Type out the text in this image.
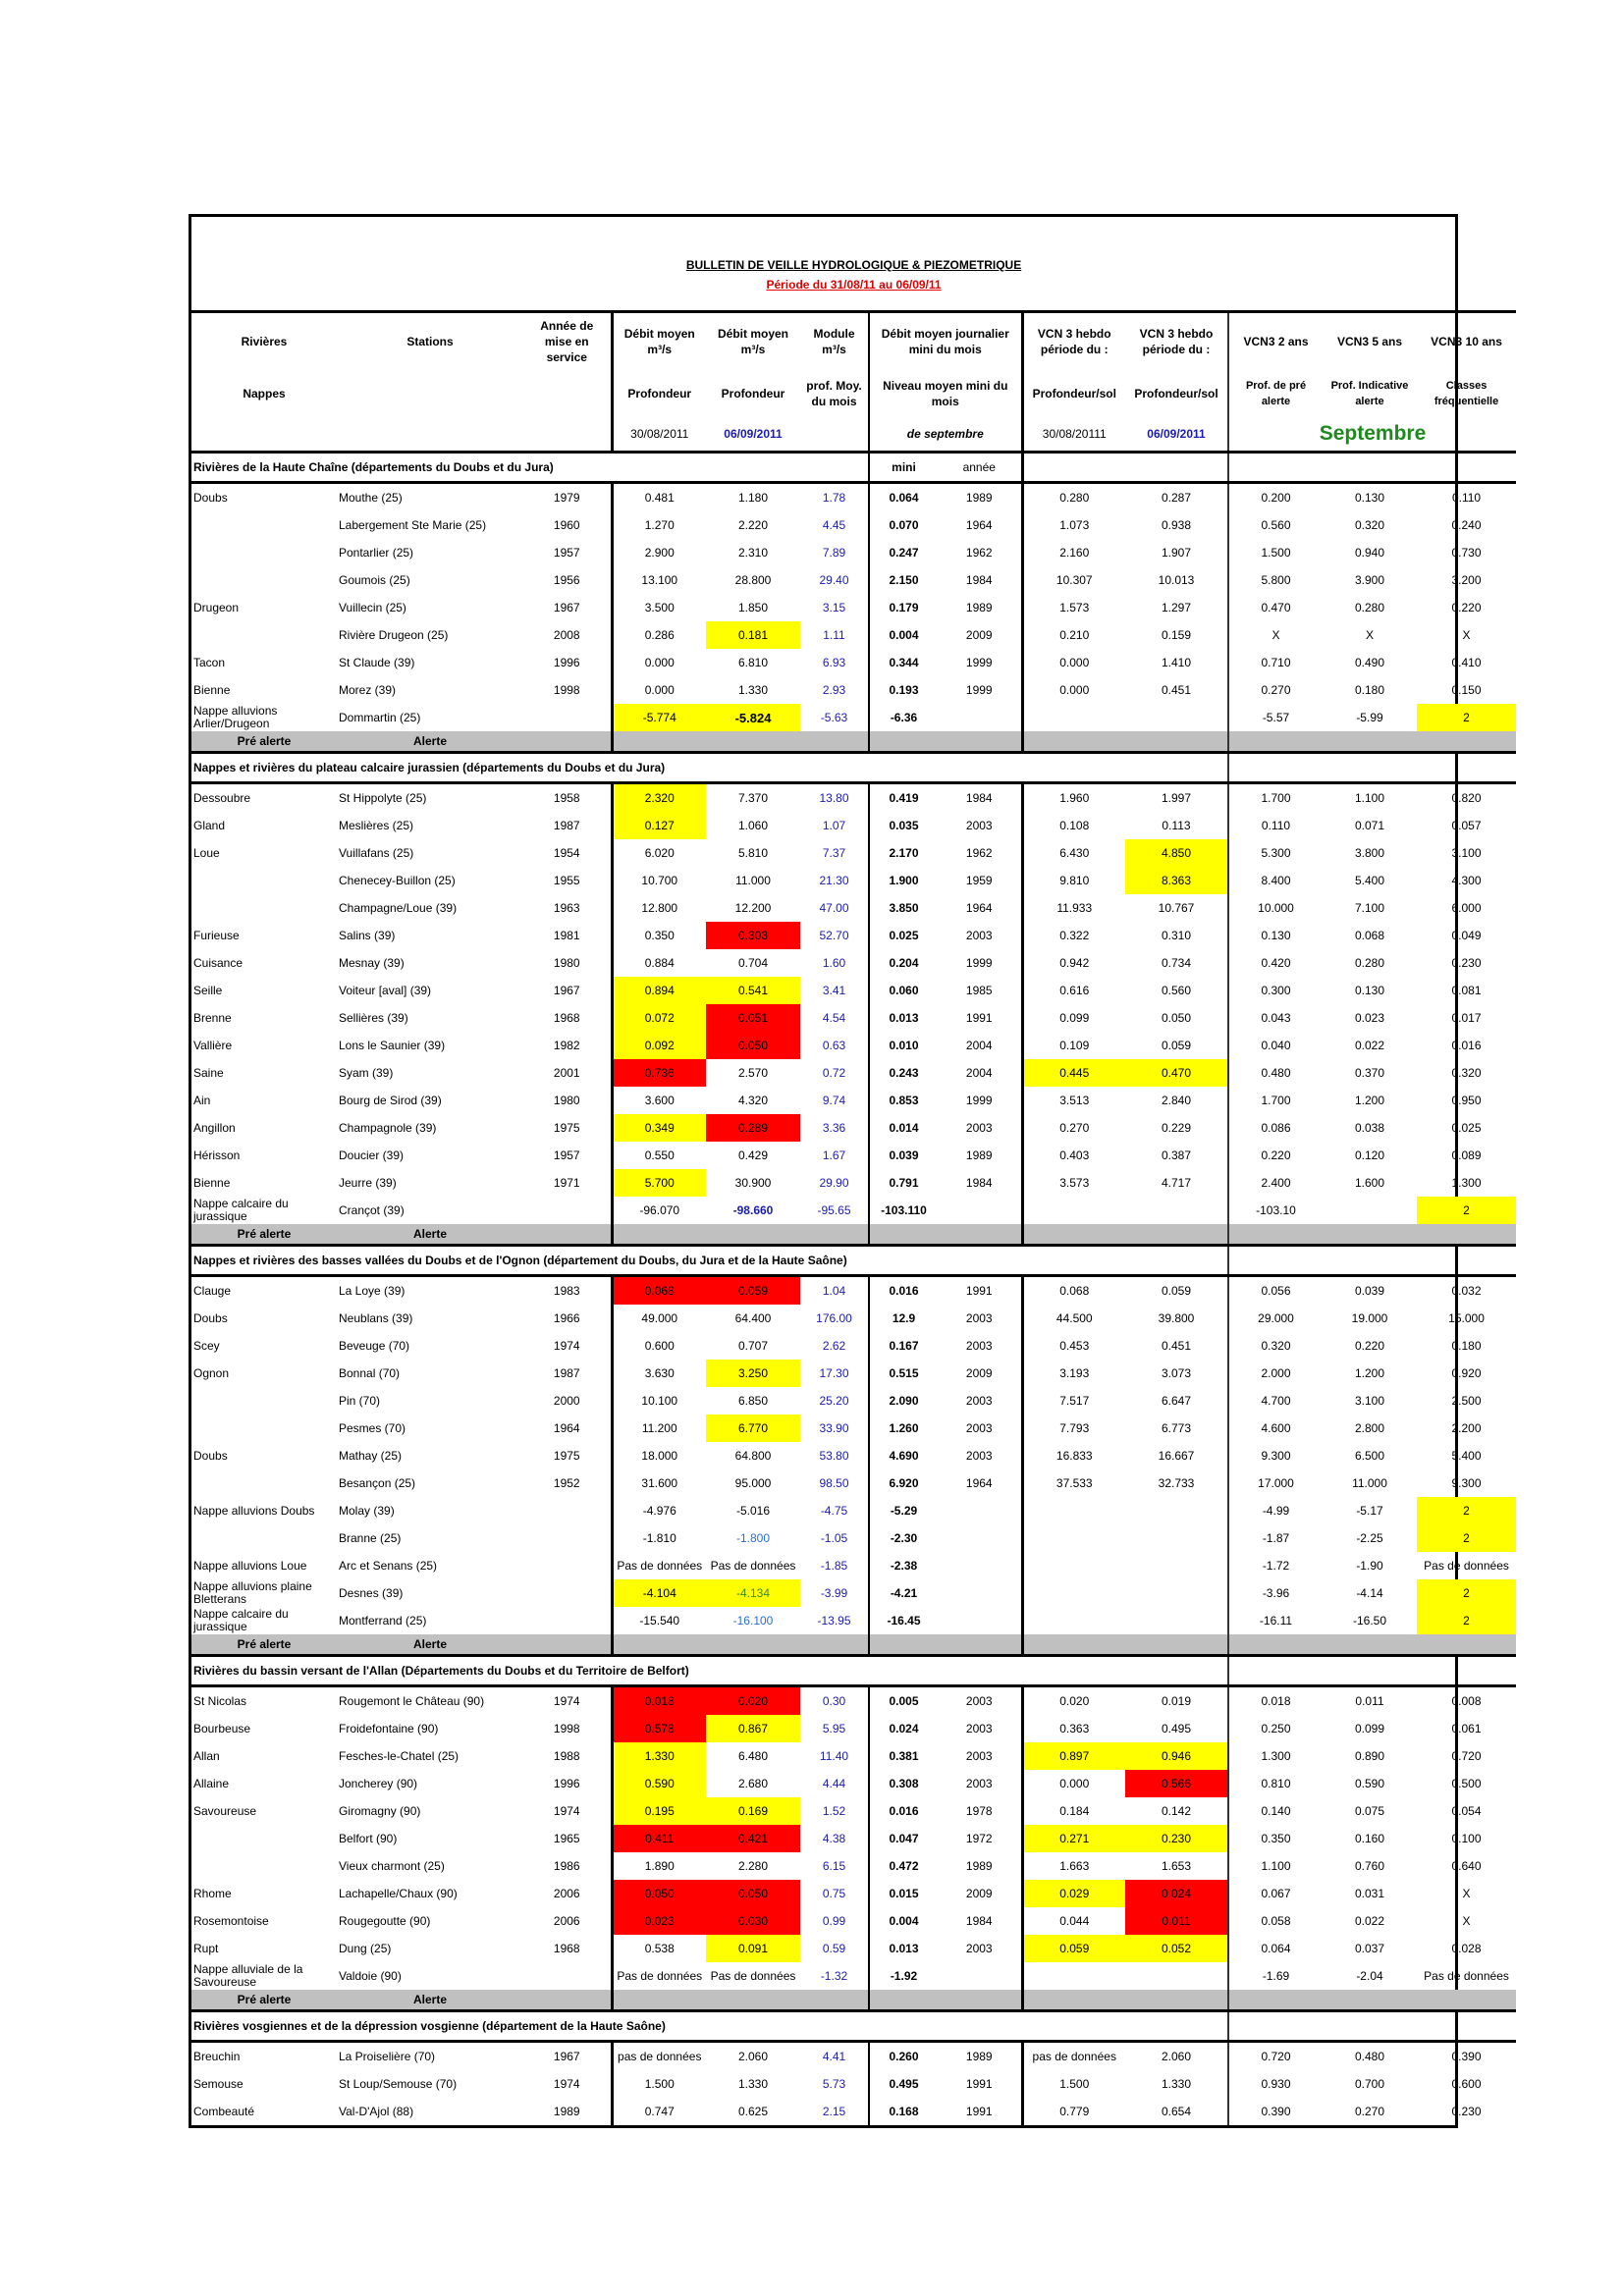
BULLETIN DE VEILLE HYDROLOGIQUE & PIEZOMETRIQUE
Période du 31/08/11 au 06/09/11												

Rivières	Stations	Année de mise en service	Débit moyen m³/s	Débit moyen m³/s	Module m³/s	Débit moyen journalier mini du mois		VCN 3 hebdo période du :	VCN 3 hebdo période du :	VCN3 2 ans	VCN3 5 ans	VCN3 10 ans
Nappes			Profondeur	Profondeur	prof. Moy. du mois	Niveau moyen mini du mois		Profondeur/sol	Profondeur/sol	Prof. de pré alerte	Prof. Indicative alerte	Classes fréquentielle
			30/08/2011	06/09/2011		de septembre		30/08/20111	06/09/2011	Septembre		
Rivières de la Haute Chaîne (départements du Doubs et du Jura)						mini	année					
Doubs	Mouthe (25)	1979	0.481	1.180	1.78	0.064	1989	0.280	0.287	0.200	0.130	0.110
	Labergement Ste Marie (25)	1960	1.270	2.220	4.45	0.070	1964	1.073	0.938	0.560	0.320	0.240
	Pontarlier (25)	1957	2.900	2.310	7.89	0.247	1962	2.160	1.907	1.500	0.940	0.730
	Goumois (25)	1956	13.100	28.800	29.40	2.150	1984	10.307	10.013	5.800	3.900	3.200
Drugeon	Vuillecin (25)	1967	3.500	1.850	3.15	0.179	1989	1.573	1.297	0.470	0.280	0.220
	Rivière Drugeon (25)	2008	0.286	0.181	1.11	0.004	2009	0.210	0.159	X	X	X
Tacon	St Claude (39)	1996	0.000	6.810	6.93	0.344	1999	0.000	1.410	0.710	0.490	0.410
Bienne	Morez (39)	1998	0.000	1.330	2.93	0.193	1999	0.000	0.451	0.270	0.180	0.150
Nappe alluvions Arlier/Drugeon	Dommartin (25)		-5.774	-5.824	-5.63	-6.36				-5.57	-5.99	2
Pré alerte	Alerte											
Nappes et rivières du plateau calcaire jurassien (départements du Doubs et du Jura)												
Dessoubre	St Hippolyte (25)	1958	2.320	7.370	13.80	0.419	1984	1.960	1.997	1.700	1.100	0.820
Gland	Meslières (25)	1987	0.127	1.060	1.07	0.035	2003	0.108	0.113	0.110	0.071	0.057
Loue	Vuillafans (25)	1954	6.020	5.810	7.37	2.170	1962	6.430	4.850	5.300	3.800	3.100
	Chenecey-Buillon (25)	1955	10.700	11.000	21.30	1.900	1959	9.810	8.363	8.400	5.400	4.300
	Champagne/Loue (39)	1963	12.800	12.200	47.00	3.850	1964	11.933	10.767	10.000	7.100	6.000
Furieuse	Salins (39)	1981	0.350	0.303	52.70	0.025	2003	0.322	0.310	0.130	0.068	0.049
Cuisance	Mesnay (39)	1980	0.884	0.704	1.60	0.204	1999	0.942	0.734	0.420	0.280	0.230
Seille	Voiteur [aval] (39)	1967	0.894	0.541	3.41	0.060	1985	0.616	0.560	0.300	0.130	0.081
Brenne	Sellières (39)	1968	0.072	0.051	4.54	0.013	1991	0.099	0.050	0.043	0.023	0.017
Vallière	Lons le Saunier (39)	1982	0.092	0.050	0.63	0.010	2004	0.109	0.059	0.040	0.022	0.016
Saine	Syam (39)	2001	0.736	2.570	0.72	0.243	2004	0.445	0.470	0.480	0.370	0.320
Ain	Bourg de Sirod (39)	1980	3.600	4.320	9.74	0.853	1999	3.513	2.840	1.700	1.200	0.950
Angillon	Champagnole (39)	1975	0.349	0.289	3.36	0.014	2003	0.270	0.229	0.086	0.038	0.025
Hérisson	Doucier (39)	1957	0.550	0.429	1.67	0.039	1989	0.403	0.387	0.220	0.120	0.089
Bienne	Jeurre (39)	1971	5.700	30.900	29.90	0.791	1984	3.573	4.717	2.400	1.600	1.300
Nappe calcaire du jurassique	Crançot (39)		-96.070	-98.660	-95.65	-103.110				-103.10		2
Pré alerte	Alerte											
Nappes et rivières des basses vallées du Doubs et de l'Ognon (département du Doubs, du Jura et de la Haute Saône)												
Clauge	La Loye (39)	1983	0.068	0.059	1.04	0.016	1991	0.068	0.059	0.056	0.039	0.032
Doubs	Neublans (39)	1966	49.000	64.400	176.00	12.9	2003	44.500	39.800	29.000	19.000	15.000
Scey	Beveuge (70)	1974	0.600	0.707	2.62	0.167	2003	0.453	0.451	0.320	0.220	0.180
Ognon	Bonnal (70)	1987	3.630	3.250	17.30	0.515	2009	3.193	3.073	2.000	1.200	0.920
	Pin (70)	2000	10.100	6.850	25.20	2.090	2003	7.517	6.647	4.700	3.100	2.500
	Pesmes (70)	1964	11.200	6.770	33.90	1.260	2003	7.793	6.773	4.600	2.800	2.200
Doubs	Mathay (25)	1975	18.000	64.800	53.80	4.690	2003	16.833	16.667	9.300	6.500	5.400
	Besançon (25)	1952	31.600	95.000	98.50	6.920	1964	37.533	32.733	17.000	11.000	9.300
Nappe alluvions Doubs	Molay (39)		-4.976	-5.016	-4.75	-5.29				-4.99	-5.17	2
	Branne (25)		-1.810	-1.800	-1.05	-2.30				-1.87	-2.25	2
Nappe alluvions Loue	Arc et Senans (25)		Pas de données	Pas de données	-1.85	-2.38				-1.72	-1.90	Pas de données
Nappe alluvions plaine Bletterans	Desnes (39)		-4.104	-4.134	-3.99	-4.21				-3.96	-4.14	2
Nappe calcaire du jurassique	Montferrand (25)		-15.540	-16.100	-13.95	-16.45				-16.11	-16.50	2
Pré alerte	Alerte											
Rivières du bassin versant de l'Allan (Départements du Doubs et du Territoire de Belfort)												
St Nicolas	Rougemont le Château (90)	1974	0.018	0.020	0.30	0.005	2003	0.020	0.019	0.018	0.011	0.008
Bourbeuse	Froidefontaine (90)	1998	0.578	0.867	5.95	0.024	2003	0.363	0.495	0.250	0.099	0.061
Allan	Fesches-le-Chatel (25)	1988	1.330	6.480	11.40	0.381	2003	0.897	0.946	1.300	0.890	0.720
Allaine	Joncherey (90)	1996	0.590	2.680	4.44	0.308	2003	0.000	0.566	0.810	0.590	0.500
Savoureuse	Giromagny (90)	1974	0.195	0.169	1.52	0.016	1978	0.184	0.142	0.140	0.075	0.054
	Belfort (90)	1965	0.411	0.421	4.38	0.047	1972	0.271	0.230	0.350	0.160	0.100
	Vieux charmont (25)	1986	1.890	2.280	6.15	0.472	1989	1.663	1.653	1.100	0.760	0.640
Rhome	Lachapelle/Chaux (90)	2006	0.050	0.050	0.75	0.015	2009	0.029	0.024	0.067	0.031	X
Rosemontoise	Rougegoutte (90)	2006	0.023	0.030	0.99	0.004	1984	0.044	0.011	0.058	0.022	X
Rupt	Dung (25)	1968	0.538	0.091	0.59	0.013	2003	0.059	0.052	0.064	0.037	0.028
Nappe alluviale de la Savoureuse	Valdoie (90)		Pas de données	Pas de données	-1.32	-1.92				-1.69	-2.04	Pas de données
Pré alerte	Alerte											
Rivières vosgiennes et de la dépression vosgienne (département de la Haute Saône)												
Breuchin	La Proiselière (70)	1967	pas de données	2.060	4.41	0.260	1989	pas de données	2.060	0.720	0.480	0.390
Semouse	St Loup/Semouse (70)	1974	1.500	1.330	5.73	0.495	1991	1.500	1.330	0.930	0.700	0.600
Combeauté	Val-D'Ajol (88)	1989	0.747	0.625	2.15	0.168	1991	0.779	0.654	0.390	0.270	0.230
